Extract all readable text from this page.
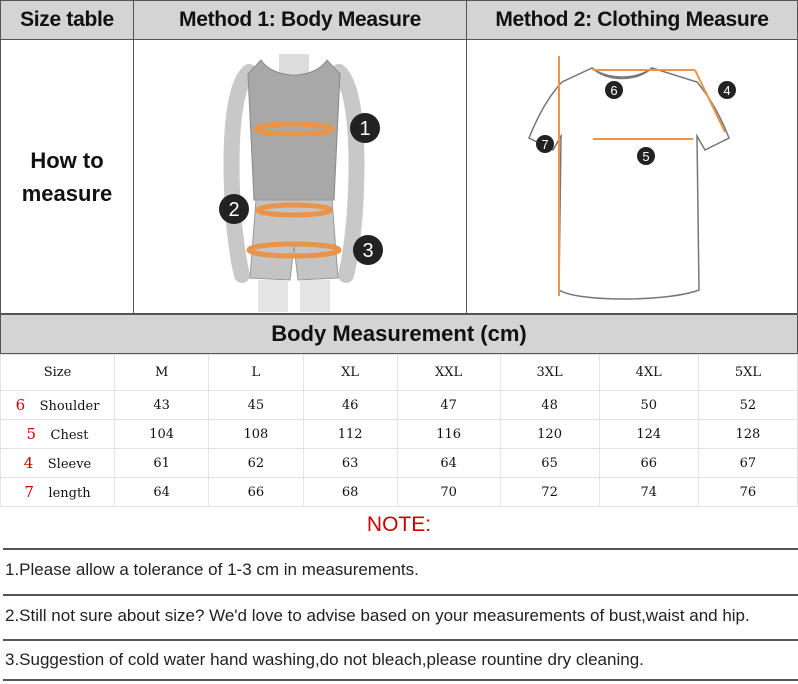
Size table	Method 1: Body Measure	Method 2: Clothing Measure
How to
measure
1
2
3
6	4
7
5
Body Measurement (cm)
Size	M	L	XL	XXL	3XL	4XL	5XL
6 Shoulder	43	45	46	47	48	50	52
5 Chest	104	108	112	116	120	124	128
4 Sleeve	61	62	63	64	65	66	67
7 length	64	66	68	70	72	74	76
NOTE:
1.Please allow a tolerance of 1-3 cm in measurements.
2.Still not sure about size? We'd love to advise based on your measurements of bust,waist and hip.
3.Suggestion of cold water hand washing,do not bleach,please rountine dry cleaning.
